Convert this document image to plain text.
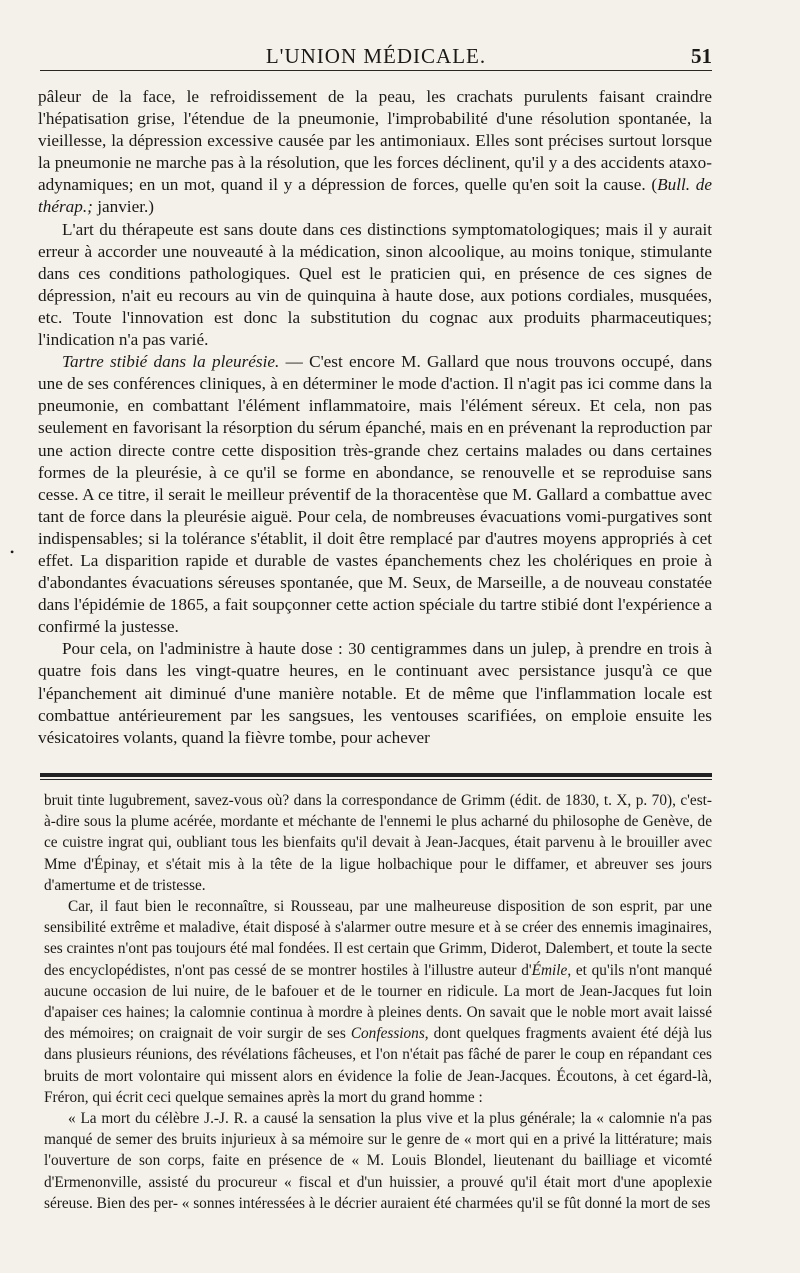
L'UNION MÉDICALE.	51
•

pâleur de la face, le refroidissement de la peau, les crachats purulents faisant craindre l'hépatisation grise, l'étendue de la pneumonie, l'improbabilité d'une résolution spontanée, la vieillesse, la dépression excessive causée par les antimoniaux. Elles sont précises surtout lorsque la pneumonie ne marche pas à la résolution, que les forces déclinent, qu'il y a des accidents ataxo-adynamiques; en un mot, quand il y a dépression de forces, quelle qu'en soit la cause. (Bull. de thérap.; janvier.)

L'art du thérapeute est sans doute dans ces distinctions symptomatologiques; mais il y aurait erreur à accorder une nouveauté à la médication, sinon alcoolique, au moins tonique, stimulante dans ces conditions pathologiques. Quel est le praticien qui, en présence de ces signes de dépression, n'ait eu recours au vin de quinquina à haute dose, aux potions cordiales, musquées, etc. Toute l'innovation est donc la substitution du cognac aux produits pharmaceutiques; l'indication n'a pas varié.

Tartre stibié dans la pleurésie. — C'est encore M. Gallard que nous trouvons occupé, dans une de ses conférences cliniques, à en déterminer le mode d'action. Il n'agit pas ici comme dans la pneumonie, en combattant l'élément inflammatoire, mais l'élément séreux. Et cela, non pas seulement en favorisant la résorption du sérum épanché, mais en en prévenant la reproduction par une action directe contre cette disposition très-grande chez certains malades ou dans certaines formes de la pleurésie, à ce qu'il se forme en abondance, se renouvelle et se reproduise sans cesse. A ce titre, il serait le meilleur préventif de la thoracentèse que M. Gallard a combattue avec tant de force dans la pleurésie aiguë. Pour cela, de nombreuses évacuations vomi-purgatives sont indispensables; si la tolérance s'établit, il doit être remplacé par d'autres moyens appropriés à cet effet. La disparition rapide et durable de vastes épanchements chez les cholériques en proie à d'abondantes évacuations séreuses spontanée, que M. Seux, de Marseille, a de nouveau constatée dans l'épidémie de 1865, a fait soupçonner cette action spéciale du tartre stibié dont l'expérience a confirmé la justesse.

Pour cela, on l'administre à haute dose : 30 centigrammes dans un julep, à prendre en trois à quatre fois dans les vingt-quatre heures, en le continuant avec persistance jusqu'à ce que l'épanchement ait diminué d'une manière notable. Et de même que l'inflammation locale est combattue antérieurement par les sangsues, les ventouses scarifiées, on emploie ensuite les vésicatoires volants, quand la fièvre tombe, pour achever

bruit tinte lugubrement, savez-vous où? dans la correspondance de Grimm (édit. de 1830, t. X, p. 70), c'est-à-dire sous la plume acérée, mordante et méchante de l'ennemi le plus acharné du philosophe de Genève, de ce cuistre ingrat qui, oubliant tous les bienfaits qu'il devait à Jean-Jacques, était parvenu à le brouiller avec Mme d'Épinay, et s'était mis à la tête de la ligue holbachique pour le diffamer, et abreuver ses jours d'amertume et de tristesse.

Car, il faut bien le reconnaître, si Rousseau, par une malheureuse disposition de son esprit, par une sensibilité extrême et maladive, était disposé à s'alarmer outre mesure et à se créer des ennemis imaginaires, ses craintes n'ont pas toujours été mal fondées. Il est certain que Grimm, Diderot, Dalembert, et toute la secte des encyclopédistes, n'ont pas cessé de se montrer hostiles à l'illustre auteur d'Émile, et qu'ils n'ont manqué aucune occasion de lui nuire, de le bafouer et de le tourner en ridicule. La mort de Jean-Jacques fut loin d'apaiser ces haines; la calomnie continua à mordre à pleines dents. On savait que le noble mort avait laissé des mémoires; on craignait de voir surgir de ses Confessions, dont quelques fragments avaient été déjà lus dans plusieurs réunions, des révélations fâcheuses, et l'on n'était pas fâché de parer le coup en répandant ces bruits de mort volontaire qui missent alors en évidence la folie de Jean-Jacques. Écoutons, à cet égard-là, Fréron, qui écrit ceci quelque semaines après la mort du grand homme :

« La mort du célèbre J.-J. R. a causé la sensation la plus vive et la plus générale; la « calomnie n'a pas manqué de semer des bruits injurieux à sa mémoire sur le genre de « mort qui en a privé la littérature; mais l'ouverture de son corps, faite en présence de « M. Louis Blondel, lieutenant du bailliage et vicomté d'Ermenonville, assisté du procureur « fiscal et d'un huissier, a prouvé qu'il était mort d'une apoplexie séreuse. Bien des per- « sonnes intéressées à le décrier auraient été charmées qu'il se fût donné la mort de ses
